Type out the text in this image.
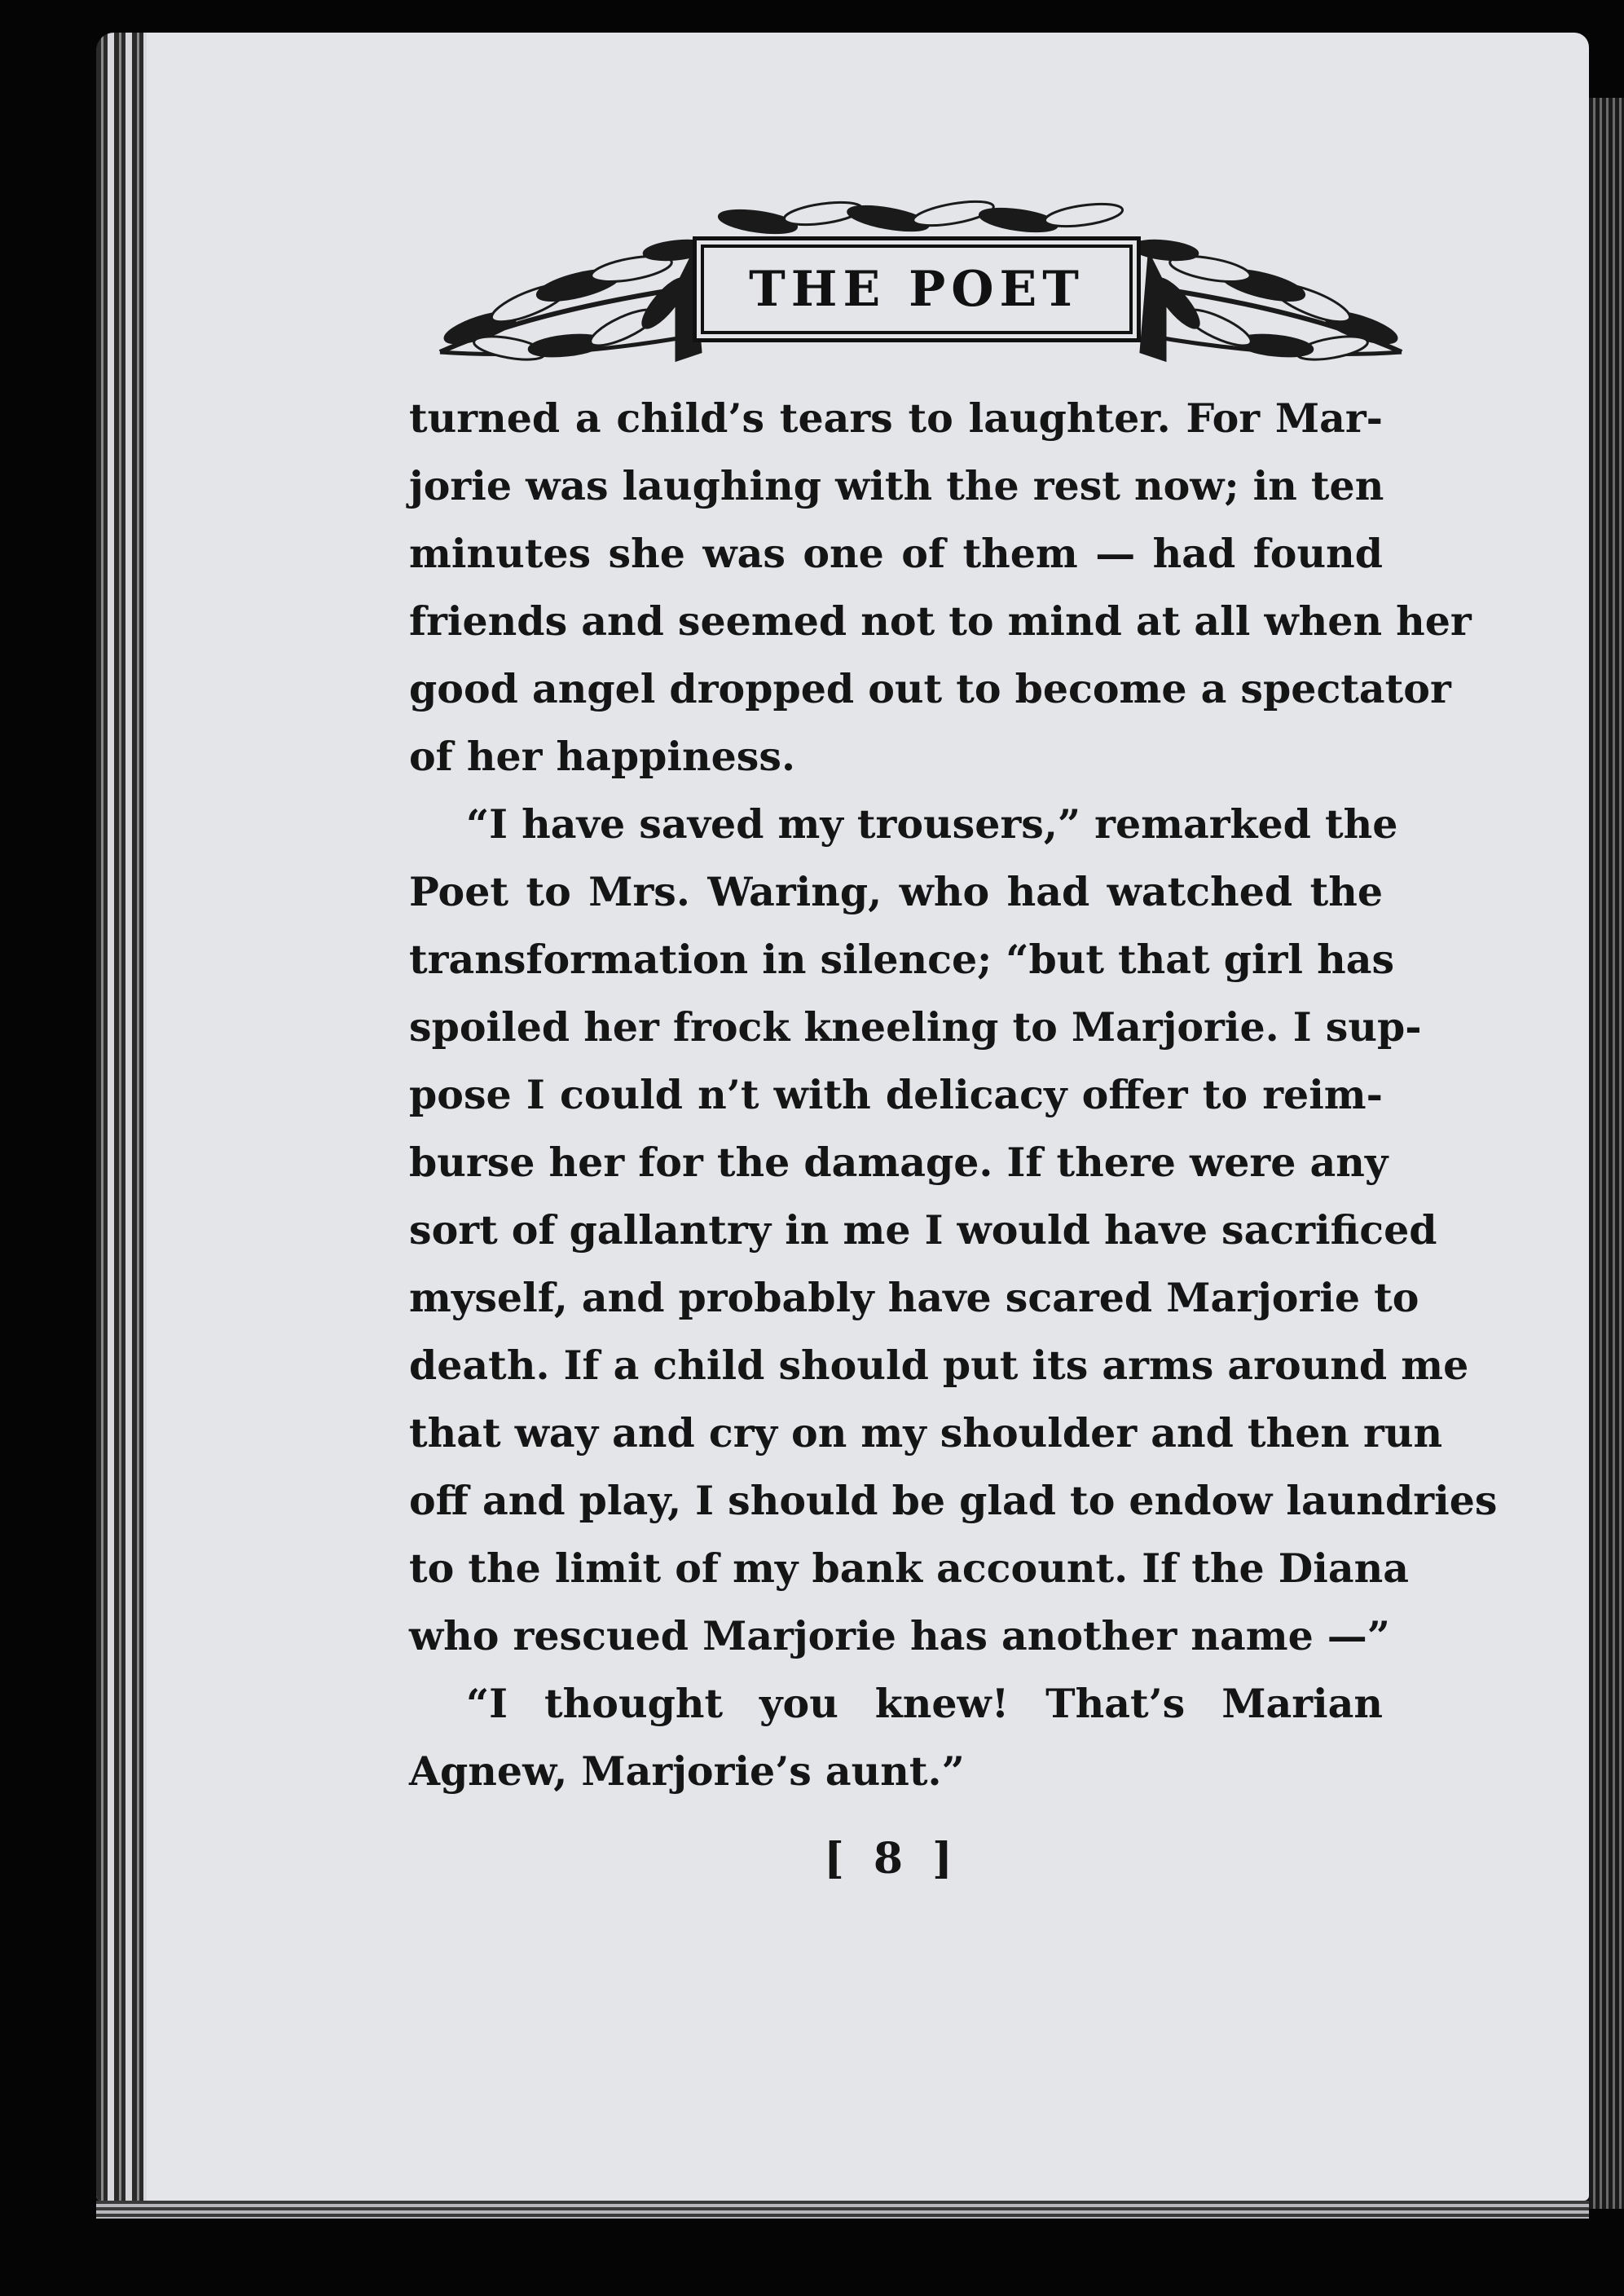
THE POET

turned a child’s tears to laughter. For Mar-
jorie was laughing with the rest now; in ten
minutes she was one of them — had found
friends and seemed not to mind at all when her
good angel dropped out to become a spectator
of her happiness.

“I have saved my trousers,” remarked the
Poet to Mrs. Waring, who had watched the
transformation in silence; “but that girl has
spoiled her frock kneeling to Marjorie. I sup-
pose I could n’t with delicacy offer to reim-
burse her for the damage. If there were any
sort of gallantry in me I would have sacrificed
myself, and probably have scared Marjorie to
death. If a child should put its arms around me
that way and cry on my shoulder and then run
off and play, I should be glad to endow laundries
to the limit of my bank account. If the Diana
who rescued Marjorie has another name —”

“I thought you knew! That’s Marian
Agnew, Marjorie’s aunt.”

[ 8 ]
